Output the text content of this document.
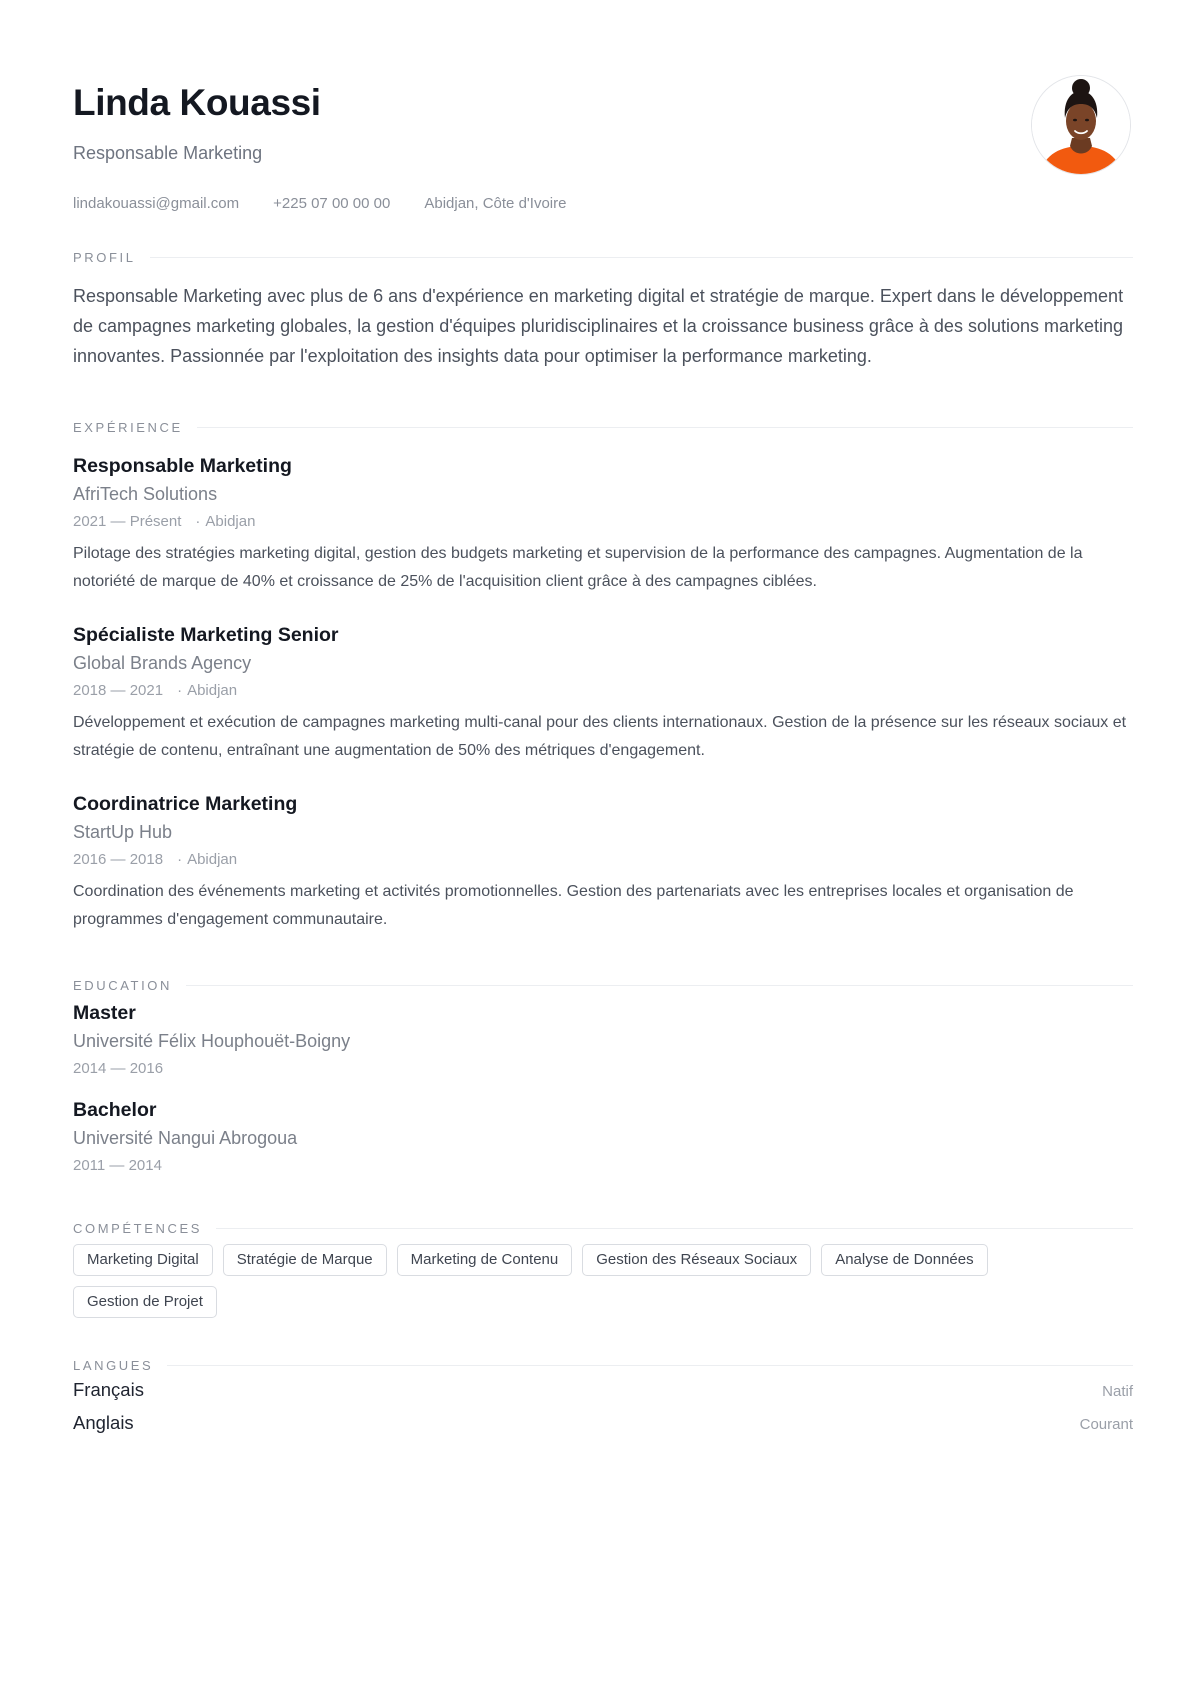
Linda Kouassi
Responsable Marketing
lindakouassi@gmail.com +225 07 00 00 00 Abidjan, Côte d'Ivoire
PROFIL

Responsable Marketing avec plus de 6 ans d'expérience en marketing digital et stratégie de marque. Expert dans le développement de campagnes marketing globales, la gestion d'équipes pluridisciplinaires et la croissance business grâce à des solutions marketing innovantes. Passionnée par l'exploitation des insights data pour optimiser la performance marketing.

EXPÉRIENCE
Responsable Marketing
AfriTech Solutions
2021 — Présent · Abidjan
Pilotage des stratégies marketing digital, gestion des budgets marketing et supervision de la performance des campagnes. Augmentation de la notoriété de marque de 40% et croissance de 25% de l'acquisition client grâce à des campagnes ciblées.
Spécialiste Marketing Senior
Global Brands Agency
2018 — 2021 · Abidjan
Développement et exécution de campagnes marketing multi-canal pour des clients internationaux. Gestion de la présence sur les réseaux sociaux et stratégie de contenu, entraînant une augmentation de 50% des métriques d'engagement.
Coordinatrice Marketing
StartUp Hub
2016 — 2018 · Abidjan
Coordination des événements marketing et activités promotionnelles. Gestion des partenariats avec les entreprises locales et organisation de programmes d'engagement communautaire.
EDUCATION
Master
Université Félix Houphouët-Boigny
2014 — 2016
Bachelor
Université Nangui Abrogoua
2011 — 2014
COMPÉTENCES
Marketing Digital	Stratégie de Marque	Marketing de Contenu	Gestion des Réseaux Sociaux	Analyse de Données
Gestion de Projet
LANGUES
Français	Natif
Anglais	Courant
